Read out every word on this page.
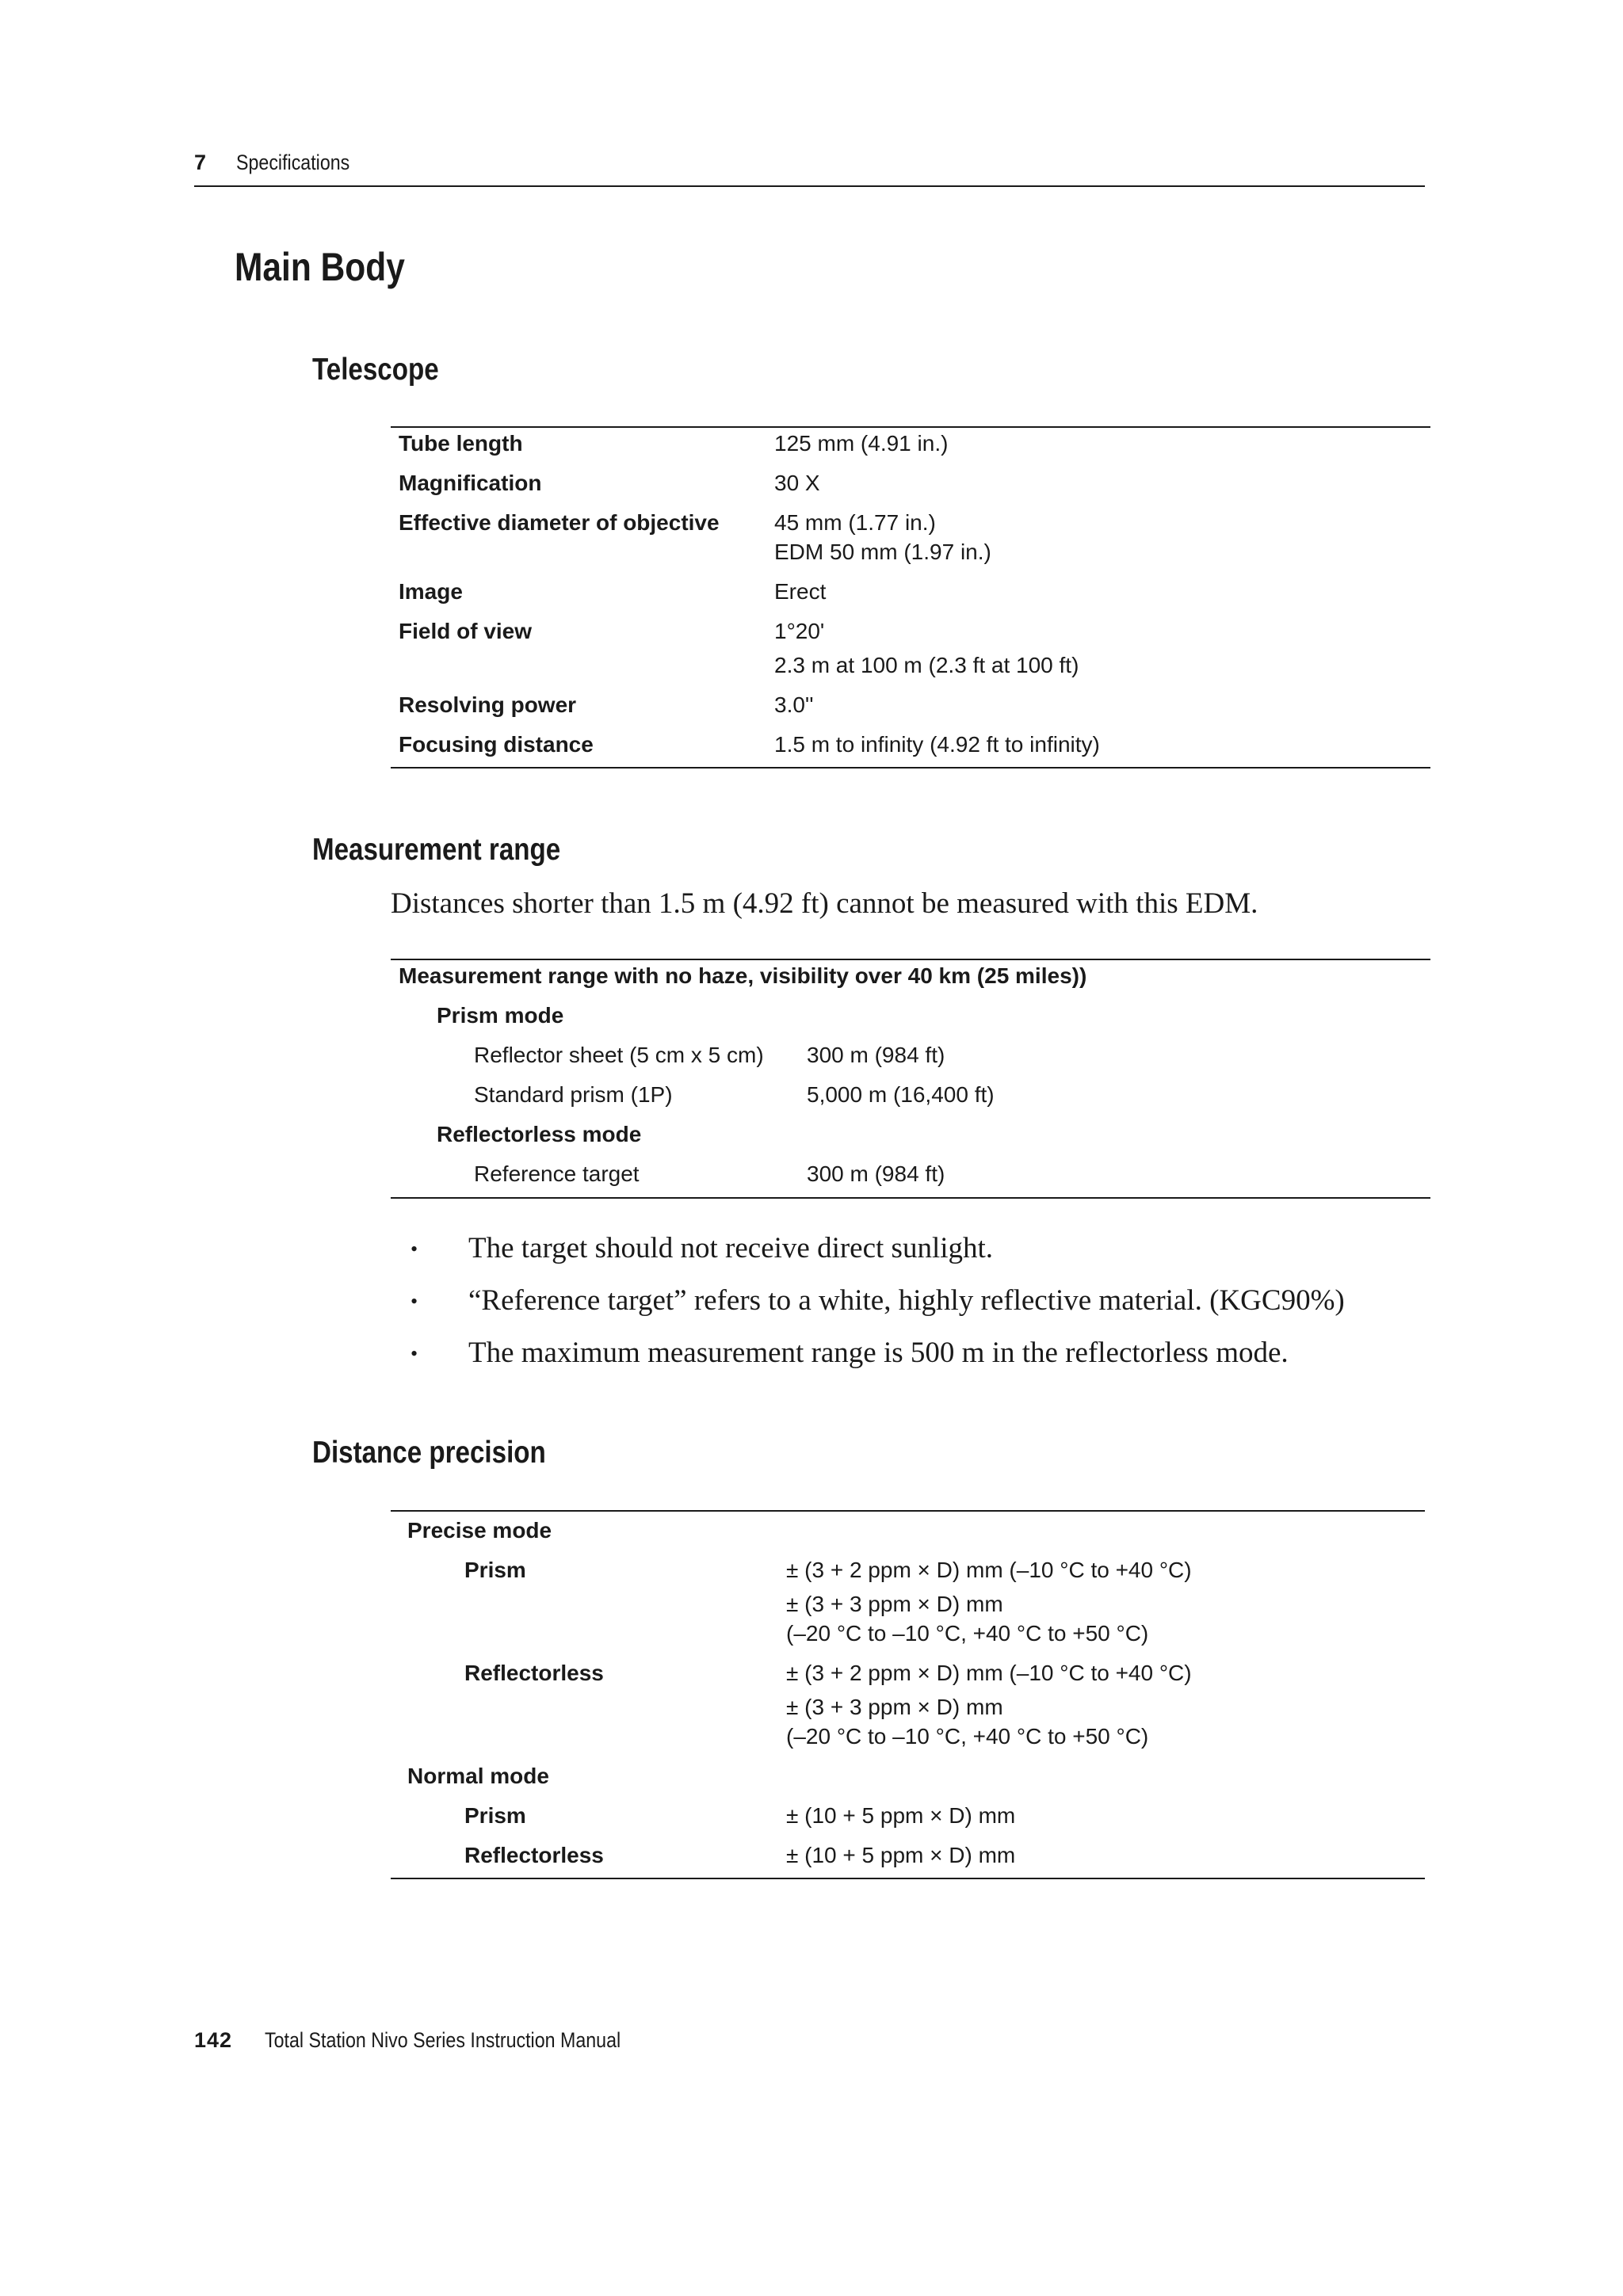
7 Specifications
Main Body
Telescope
Tube length	125 mm (4.91 in.)
Magnification	30 X
Effective diameter of objective 45 mm (1.77 in.)
EDM 50 mm (1.97 in.)
Image	Erect
Field of view	1°20'
2.3 m at 100 m (2.3 ft at 100 ft)
Resolving power	3.0''
Focusing distance	1.5 m to infinity (4.92 ft to infinity)
Measurement range
Distances shorter than 1.5 m (4.92 ft) cannot be measured with this EDM.
Measurement range with no haze, visibility over 40 km (25 miles))
Prism mode
Reflector sheet (5 cm x 5 cm) 300 m (984 ft)
Standard prism (1P)	5,000 m (16,400 ft)
Reflectorless mode
Reference target	300 m (984 ft)
• The target should not receive direct sunlight.
• “Reference target” refers to a white, highly reflective material. (KGC90%)
• The maximum measurement range is 500 m in the reflectorless mode.
Distance precision
Precise mode
Prism	± (3 + 2 ppm × D) mm (–10 °C to +40 °C)
± (3 + 3 ppm × D) mm
(–20 °C to –10 °C, +40 °C to +50 °C)
Reflectorless	± (3 + 2 ppm × D) mm (–10 °C to +40 °C)
± (3 + 3 ppm × D) mm
(–20 °C to –10 °C, +40 °C to +50 °C)
Normal mode
Prism	± (10 + 5 ppm × D) mm
Reflectorless	± (10 + 5 ppm × D) mm
142 Total Station Nivo Series Instruction Manual
